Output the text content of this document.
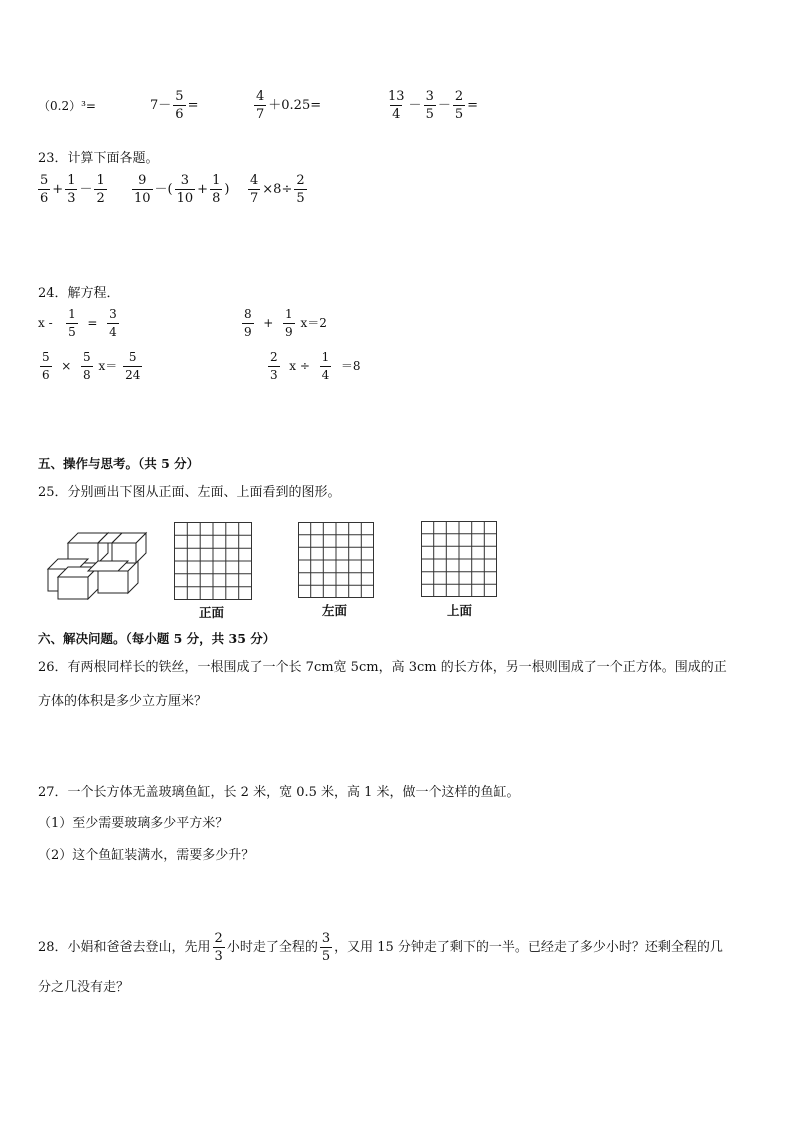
（0.2）³=	$7- \frac{5}{6}$ =	$\frac{4}{7} +0.25=$	$\frac{13}{4} - \frac{3}{5} - \frac{2}{5}$ =
23．计算下面各题。
$\frac{5}{6} + \frac{1}{3} - \frac{1}{2} \frac{9}{10}$ －( $\frac{3}{10} + \frac{1}{8}$ ) $\frac{4}{7} \times 8\div \frac{2}{5}$
24．解方程．
$x - \frac{1}{5} = \frac{3}{4}$	$\frac{8}{9} + \frac{1}{9} x=2$
$\frac{5}{6} \times \frac{5}{8} x= \frac{5}{24}$	$\frac{2}{3}$ $x \div \frac{1}{4} =8$
五、操作与思考。（共 5 分）
25．分别画出下图从正面、左面、上面看到的图形。
正面	左面	上面
六、解决问题。（每小题 5 分，共 35 分）
26．有两根同样长的铁丝，一根围成了一个长 7cm宽 5cm，高 3cm 的长方体，另一根则围成了一个正方体。围成的正
方体的体积是多少立方厘米？
27．一个长方体无盖玻璃鱼缸，长 2 米，宽 0.5 米，高 1 米，做一个这样的鱼缸。
（1）至少需要玻璃多少平方米？
（2）这个鱼缸装满水，需要多少升？
28．小娟和爸爸去登山，先用 $\frac{2}{3}$ 小时走了全程的 $\frac{3}{5}$ ，又用 15 分钟走了剩下的一半。已经走了多少小时？还剩全程的几
分之几没有走？
